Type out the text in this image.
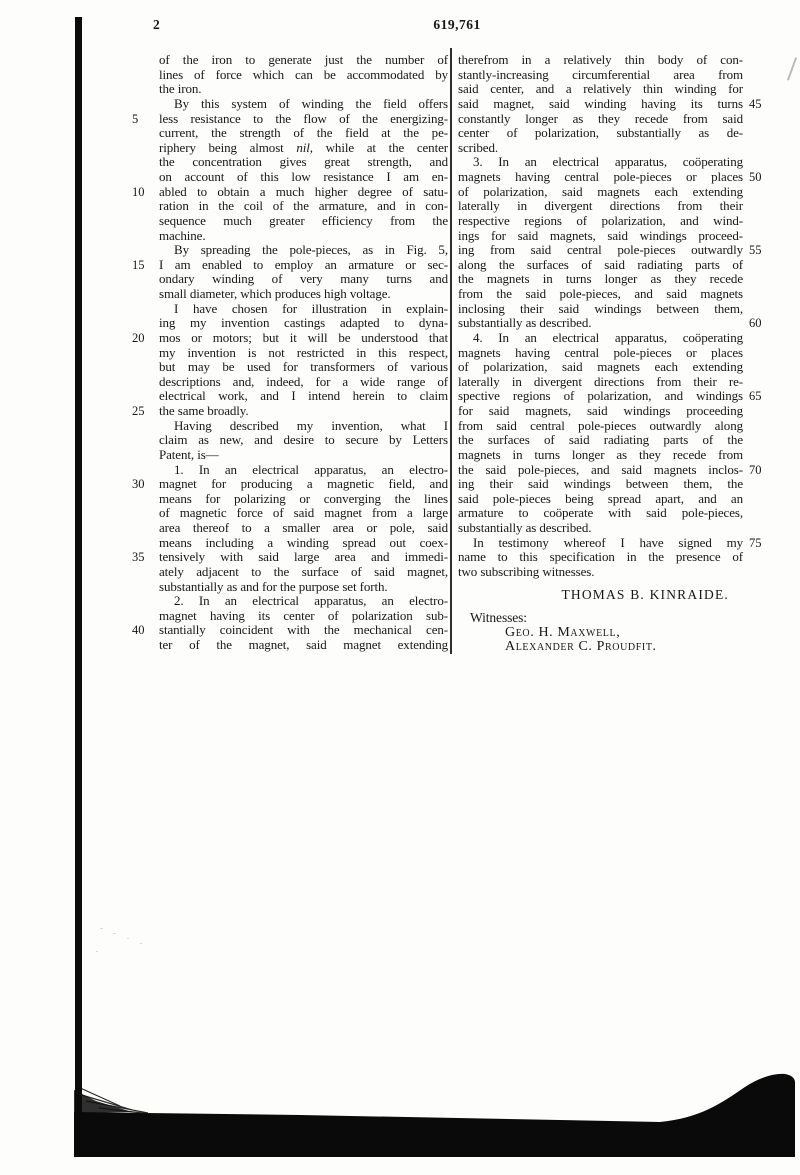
2	619,761
of the iron to generate just the number of
lines of force which can be accommodated by
the iron.
By this system of winding the field offers
5	less resistance to the flow of the energizing-
current, the strength of the field at the pe-
riphery being almost nil, while at the center
the concentration gives great strength, and
on account of this low resistance I am en-
10	abled to obtain a much higher degree of satu-
ration in the coil of the armature, and in con-
sequence much greater efficiency from the
machine.
By spreading the pole-pieces, as in Fig. 5,
15	I am enabled to employ an armature or sec-
ondary winding of very many turns and
small diameter, which produces high voltage.
I have chosen for illustration in explain-
ing my invention castings adapted to dyna-
20	mos or motors; but it will be understood that
my invention is not restricted in this respect,
but may be used for transformers of various
descriptions and, indeed, for a wide range of
electrical work, and I intend herein to claim
25	the same broadly.
Having described my invention, what I
claim as new, and desire to secure by Letters
Patent, is—
1. In an electrical apparatus, an electro-
30	magnet for producing a magnetic field, and
means for polarizing or converging the lines
of magnetic force of said magnet from a large
area thereof to a smaller area or pole, said
means including a winding spread out coex-
35	tensively with said large area and immedi-
ately adjacent to the surface of said magnet,
substantially as and for the purpose set forth.
2. In an electrical apparatus, an electro-
magnet having its center of polarization sub-
40	stantially coincident with the mechanical cen-
ter of the magnet, said magnet extending
therefrom in a relatively thin body of con-
stantly-increasing circumferential area from
said center, and a relatively thin winding for
45
said magnet, said winding having its turns
constantly longer as they recede from said
center of polarization, substantially as de-
scribed.
3. In an electrical apparatus, coöperating
50
magnets having central pole-pieces or places
of polarization, said magnets each extending
laterally in divergent directions from their
respective regions of polarization, and wind-
ings for said magnets, said windings proceed-
55
ing from said central pole-pieces outwardly
along the surfaces of said radiating parts of
the magnets in turns longer as they recede
from the said pole-pieces, and said magnets
inclosing their said windings between them,
60
substantially as described.
4. In an electrical apparatus, coöperating
magnets having central pole-pieces or places
of polarization, said magnets each extending
laterally in divergent directions from their re-
65
spective regions of polarization, and windings
for said magnets, said windings proceeding
from said central pole-pieces outwardly along
the surfaces of said radiating parts of the
magnets in turns longer as they recede from
70
the said pole-pieces, and said magnets inclos-
ing their said windings between them, the
said pole-pieces being spread apart, and an
armature to coöperate with said pole-pieces,
substantially as described.
75
In testimony whereof I have signed my
name to this specification in the presence of
two subscribing witnesses.
THOMAS B. KINRAIDE.
Witnesses:
Geo. H. Maxwell,
Alexander C. Proudfit.
